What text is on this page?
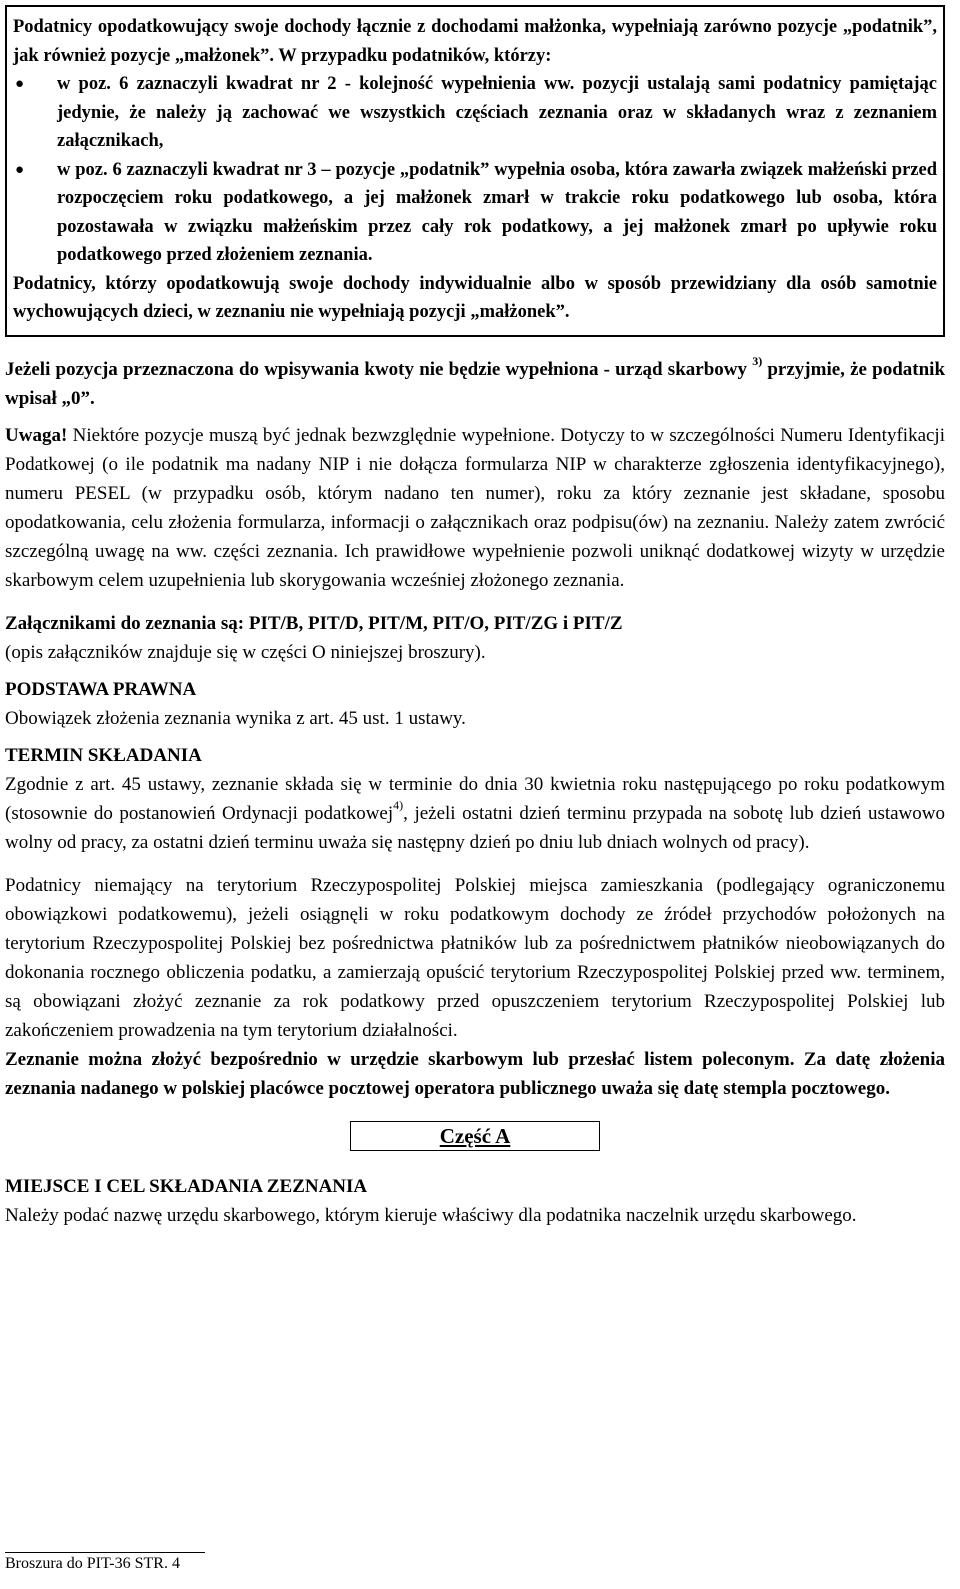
Podatnicy opodatkowujący swoje dochody łącznie z dochodami małżonka, wypełniają zarówno pozycje „podatnik”, jak również pozycje „małżonek”. W przypadku podatników, którzy:

● w poz. 6 zaznaczyli kwadrat nr 2 - kolejność wypełnienia ww. pozycji ustalają sami podatnicy pamiętając jedynie, że należy ją zachować we wszystkich częściach zeznania oraz w składanych wraz z zeznaniem załącznikach,
● w poz. 6 zaznaczyli kwadrat nr 3 – pozycje „podatnik” wypełnia osoba, która zawarła związek małżeński przed rozpoczęciem roku podatkowego, a jej małżonek zmarł w trakcie roku podatkowego lub osoba, która pozostawała w związku małżeńskim przez cały rok podatkowy, a jej małżonek zmarł po upływie roku podatkowego przed złożeniem zeznania.

Podatnicy, którzy opodatkowują swoje dochody indywidualnie albo w sposób przewidziany dla osób samotnie wychowujących dzieci, w zeznaniu nie wypełniają pozycji „małżonek”.

Jeżeli pozycja przeznaczona do wpisywania kwoty nie będzie wypełniona - urząd skarbowy $^{3)}$ przyjmie, że podatnik wpisał „0”.

Uwaga! Niektóre pozycje muszą być jednak bezwzględnie wypełnione. Dotyczy to w szczególności Numeru Identyfikacji Podatkowej (o ile podatnik ma nadany NIP i nie dołącza formularza NIP w charakterze zgłoszenia identyfikacyjnego), numeru PESEL (w przypadku osób, którym nadano ten numer), roku za który zeznanie jest składane, sposobu opodatkowania, celu złożenia formularza, informacji o załącznikach oraz podpisu(ów) na zeznaniu. Należy zatem zwrócić szczególną uwagę na ww. części zeznania. Ich prawidłowe wypełnienie pozwoli uniknąć dodatkowej wizyty w urzędzie skarbowym celem uzupełnienia lub skorygowania wcześniej złożonego zeznania.

Załącznikami do zeznania są: PIT/B, PIT/D, PIT/M, PIT/O, PIT/ZG i PIT/Z
(opis załączników znajduje się w części O niniejszej broszury).

PODSTAWA PRAWNA

Obowiązek złożenia zeznania wynika z art. 45 ust. 1 ustawy.

TERMIN SKŁADANIA

Zgodnie z art. 45 ustawy, zeznanie składa się w terminie do dnia 30 kwietnia roku następującego po roku podatkowym (stosownie do postanowień Ordynacji podatkowej$^{4)}$, jeżeli ostatni dzień terminu przypada na sobotę lub dzień ustawowo wolny od pracy, za ostatni dzień terminu uważa się następny dzień po dniu lub dniach wolnych od pracy).

Podatnicy niemający na terytorium Rzeczypospolitej Polskiej miejsca zamieszkania (podlegający ograniczonemu obowiązkowi podatkowemu), jeżeli osiągnęli w roku podatkowym dochody ze źródeł przychodów położonych na terytorium Rzeczypospolitej Polskiej bez pośrednictwa płatników lub za pośrednictwem płatników nieobowiązanych do dokonania rocznego obliczenia podatku, a zamierzają opuścić terytorium Rzeczypospolitej Polskiej przed ww. terminem, są obowiązani złożyć zeznanie za rok podatkowy przed opuszczeniem terytorium Rzeczypospolitej Polskiej lub zakończeniem prowadzenia na tym terytorium działalności.

Zeznanie można złożyć bezpośrednio w urzędzie skarbowym lub przesłać listem poleconym. Za datę złożenia zeznania nadanego w polskiej placówce pocztowej operatora publicznego uważa się datę stempla pocztowego.

Część A

MIEJSCE I CEL SKŁADANIA ZEZNANIA

Należy podać nazwę urzędu skarbowego, którym kieruje właściwy dla podatnika naczelnik urzędu skarbowego.

Broszura do PIT-36 STR. 4
